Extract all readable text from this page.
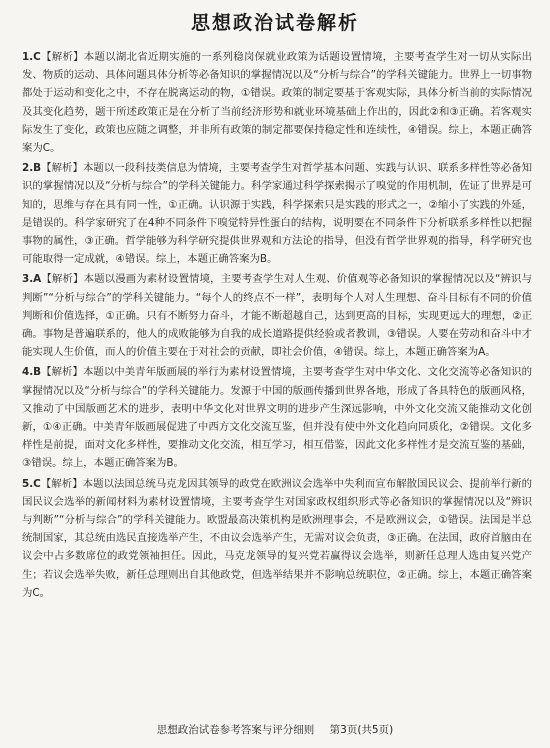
思想政治试卷解析

1.C【解析】本题以湖北省近期实施的一系列稳岗保就业政策为话题设置情境，主要考查学生对一切从实际出发、物质的运动、具体问题具体分析等必备知识的掌握情况以及“分析与综合”的学科关键能力。世界上一切事物都处于运动和变化之中，不存在脱离运动的物，①错误。政策的制定要基于客观实际，具体分析当前的实际情况及其变化趋势，题干所述政策正是在分析了当前经济形势和就业环境基础上作出的，因此②和③正确。若客观实际发生了变化，政策也应随之调整，并非所有政策的制定都要保持稳定性和连续性，④错误。综上，本题正确答案为C。

2.B【解析】本题以一段科技类信息为情境，主要考查学生对哲学基本问题、实践与认识、联系多样性等必备知识的掌握情况以及“分析与综合”的学科关键能力。科学家通过科学探索揭示了嗅觉的作用机制，佐证了世界是可知的，思维与存在具有同一性，①正确。认识源于实践，科学探索只是实践的形式之一，②缩小了实践的外延，是错误的。科学家研究了在4种不同条件下嗅觉特异性蛋白的结构，说明要在不同条件下分析联系多样性以把握事物的属性，③正确。哲学能够为科学研究提供世界观和方法论的指导，但没有哲学世界观的指导，科学研究也可能取得一定成就，④错误。综上，本题正确答案为B。

3.A【解析】本题以漫画为素材设置情境，主要考查学生对人生观、价值观等必备知识的掌握情况以及“辨识与判断”“分析与综合”的学科关键能力。“每个人的终点不一样”，表明每个人对人生理想、奋斗目标有不同的价值判断和价值选择，①正确。只有不断努力奋斗，才能不断超越自己，达到更高的目标，实现更远大的理想，②正确。事物是普遍联系的，他人的成败能够为自我的成长道路提供经验或者教训，③错误。人要在劳动和奋斗中才能实现人生价值，而人的价值主要在于对社会的贡献，即社会价值，④错误。综上，本题正确答案为A。

4.B【解析】本题以中美青年版画展的举行为素材设置情境，主要考查学生对中华文化、文化交流等必备知识的掌握情况以及“分析与综合”的学科关键能力。发源于中国的版画传播到世界各地，形成了各具特色的版画风格，又推动了中国版画艺术的进步，表明中华文化对世界文明的进步产生深远影响，中外文化交流又能推动文化创新，①④正确。中美青年版画展促进了中西方文化交流互鉴，但并没有使中外文化趋向同质化，②错误。文化多样性是前提，面对文化多样性，要推动文化交流，相互学习，相互借鉴，因此文化多样性才是交流互鉴的基础，③错误。综上，本题正确答案为B。

5.C【解析】本题以法国总统马克龙因其领导的政党在欧洲议会选举中失利而宣布解散国民议会、提前举行新的国民议会选举的新闻材料为素材设置情境，主要考查学生对国家政权组织形式等必备知识的掌握情况以及“辨识与判断”“分析与综合”的学科关键能力。欧盟最高决策机构是欧洲理事会，不是欧洲议会，①错误。法国是半总统制国家，其总统由选民直接选举产生，不由议会选举产生，无需对议会负责，③正确。在法国，政府首脑由在议会中占多数席位的政党领袖担任。因此，马克龙领导的复兴党若赢得议会选举，则新任总理人选由复兴党产生；若议会选举失败，新任总理则出自其他政党，但选举结果并不影响总统职位，②正确。综上，本题正确答案为C。

思想政治试卷参考答案与评分细则 第3页(共5页)
